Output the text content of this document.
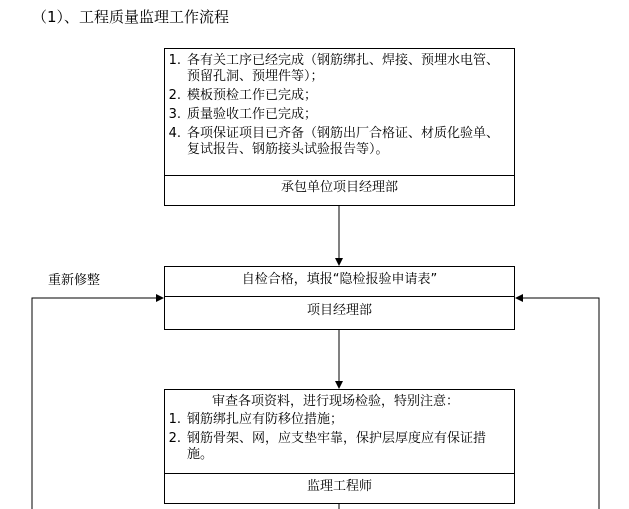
（1）、工程质量监理工作流程
1. 各有关工序已经完成（钢筋绑扎、焊接、预埋水电管、预留孔洞、预埋件等）；
2. 模板预检工作已完成；
3. 质量验收工作已完成；
4. 各项保证项目已齐备（钢筋出厂合格证、材质化验单、复试报告、钢筋接头试验报告等）。
承包单位项目经理部
自检合格，填报“隐检报验申请表”
项目经理部
审查各项资料，进行现场检验，特别注意：
1. 钢筋绑扎应有防移位措施；
2. 钢筋骨架、网，应支垫牢靠，保护层厚度应有保证措施。
监理工程师
重新修整
